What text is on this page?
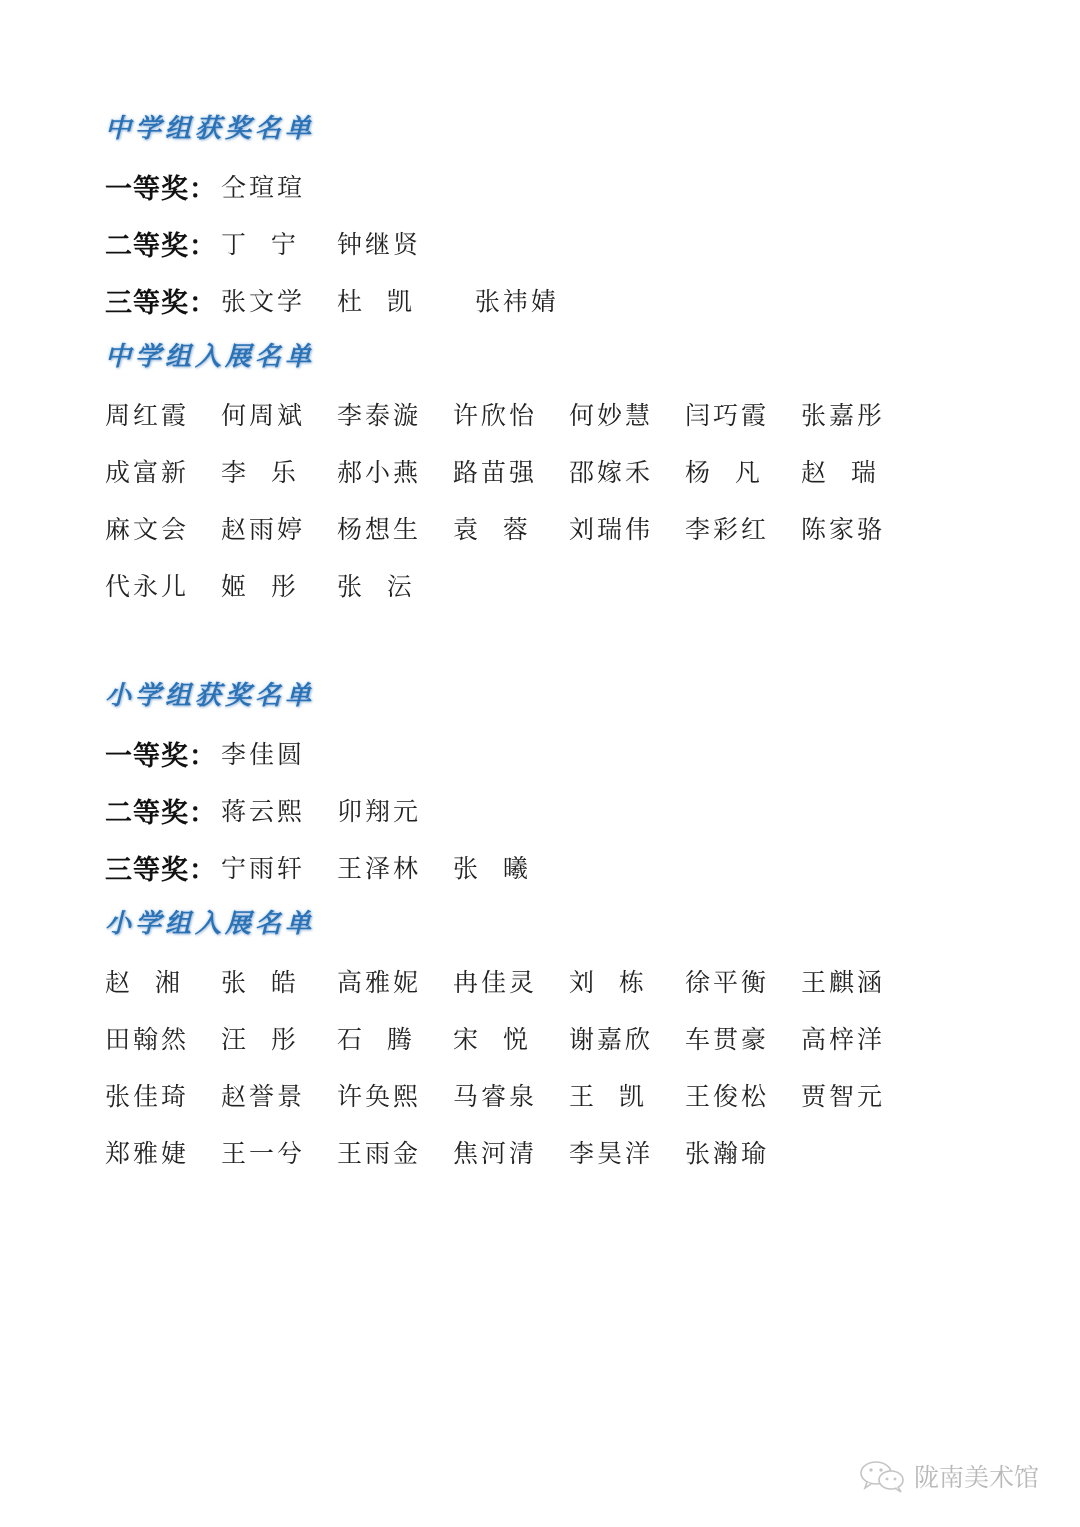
中学组获奖名单
一等奖： 仝瑄瑄
二等奖： 丁  宁	钟继贤
三等奖： 张文学	杜  凯	张祎婧
中学组入展名单
周红霞	何周斌	李泰漩	许欣怡	何妙慧	闫巧霞	张嘉彤
成富新	李  乐	郝小燕	路苗强	邵嫁禾	杨  凡	赵  瑞
麻文会	赵雨婷	杨想生	袁  蓉	刘瑞伟	李彩红	陈家骆
代永儿	姬  彤	张  沄
小学组获奖名单
一等奖： 李佳圆
二等奖： 蒋云熙	卯翔元
三等奖： 宁雨轩	王泽林	张  曦
小学组入展名单
赵  湘	张  皓	高雅妮	冉佳灵	刘  栋	徐平衡	王麒涵
田翰然	汪  彤	石  腾	宋  悦	谢嘉欣	车贯豪	高梓洋
张佳琦	赵誉景	许奂熙	马睿泉	王  凯	王俊松	贾智元
郑雅婕	王一兮	王雨金	焦河清	李昊洋	张瀚瑜
陇南美术馆
